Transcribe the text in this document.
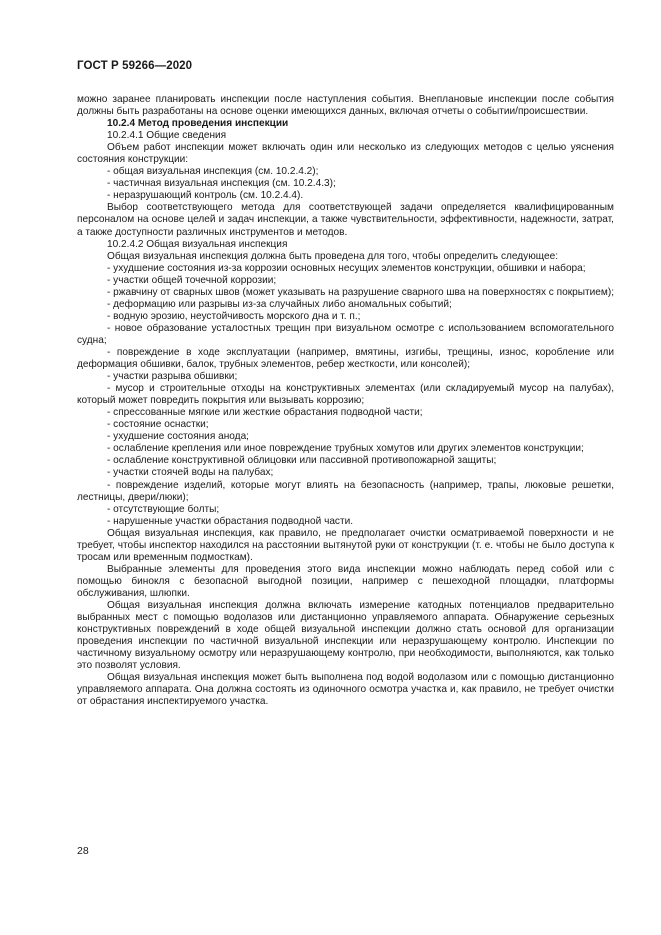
ГОСТ Р 59266—2020

можно заранее планировать инспекции после наступления события. Внеплановые инспекции после события должны быть разработаны на основе оценки имеющихся данных, включая отчеты о событии/происшествии.

10.2.4 Метод проведения инспекции

10.2.4.1 Общие сведения

Объем работ инспекции может включать один или несколько из следующих методов с целью уяснения состояния конструкции:

- общая визуальная инспекция (см. 10.2.4.2);

- частичная визуальная инспекция (см. 10.2.4.3);

- неразрушающий контроль (см. 10.2.4.4).

Выбор соответствующего метода для соответствующей задачи определяется квалифицированным персоналом на основе целей и задач инспекции, а также чувствительности, эффективности, надежности, затрат, а также доступности различных инструментов и методов.

10.2.4.2 Общая визуальная инспекция

Общая визуальная инспекция должна быть проведена для того, чтобы определить следующее:

- ухудшение состояния из-за коррозии основных несущих элементов конструкции, обшивки и набора;

- участки общей точечной коррозии;

- ржавчину от сварных швов (может указывать на разрушение сварного шва на поверхностях с покрытием);

- деформацию или разрывы из-за случайных либо аномальных событий;

- водную эрозию, неустойчивость морского дна и т. п.;

- новое образование усталостных трещин при визуальном осмотре с использованием вспомогательного судна;

- повреждение в ходе эксплуатации (например, вмятины, изгибы, трещины, износ, коробление или деформация обшивки, балок, трубных элементов, ребер жесткости, или консолей);

- участки разрыва обшивки;

- мусор и строительные отходы на конструктивных элементах (или складируемый мусор на палубах), который может повредить покрытия или вызывать коррозию;

- спрессованные мягкие или жесткие обрастания подводной части;

- состояние оснастки;

- ухудшение состояния анода;

- ослабление крепления или иное повреждение трубных хомутов или других элементов конструкции;

- ослабление конструктивной облицовки или пассивной противопожарной защиты;

- участки стоячей воды на палубах;

- повреждение изделий, которые могут влиять на безопасность (например, трапы, люковые решетки, лестницы, двери/люки);

- отсутствующие болты;

- нарушенные участки обрастания подводной части.

Общая визуальная инспекция, как правило, не предполагает очистки осматриваемой поверхности и не требует, чтобы инспектор находился на расстоянии вытянутой руки от конструкции (т. е. чтобы не было доступа к тросам или временным подмосткам).

Выбранные элементы для проведения этого вида инспекции можно наблюдать перед собой или с помощью бинокля с безопасной выгодной позиции, например с пешеходной площадки, платформы обслуживания, шлюпки.

Общая визуальная инспекция должна включать измерение катодных потенциалов предварительно выбранных мест с помощью водолазов или дистанционно управляемого аппарата. Обнаружение серьезных конструктивных повреждений в ходе общей визуальной инспекции должно стать основой для организации проведения инспекции по частичной визуальной инспекции или неразрушающему контролю. Инспекции по частичному визуальному осмотру или неразрушающему контролю, при необходимости, выполняются, как только это позволят условия.

Общая визуальная инспекция может быть выполнена под водой водолазом или с помощью дистанционно управляемого аппарата. Она должна состоять из одиночного осмотра участка и, как правило, не требует очистки от обрастания инспектируемого участка.

28
